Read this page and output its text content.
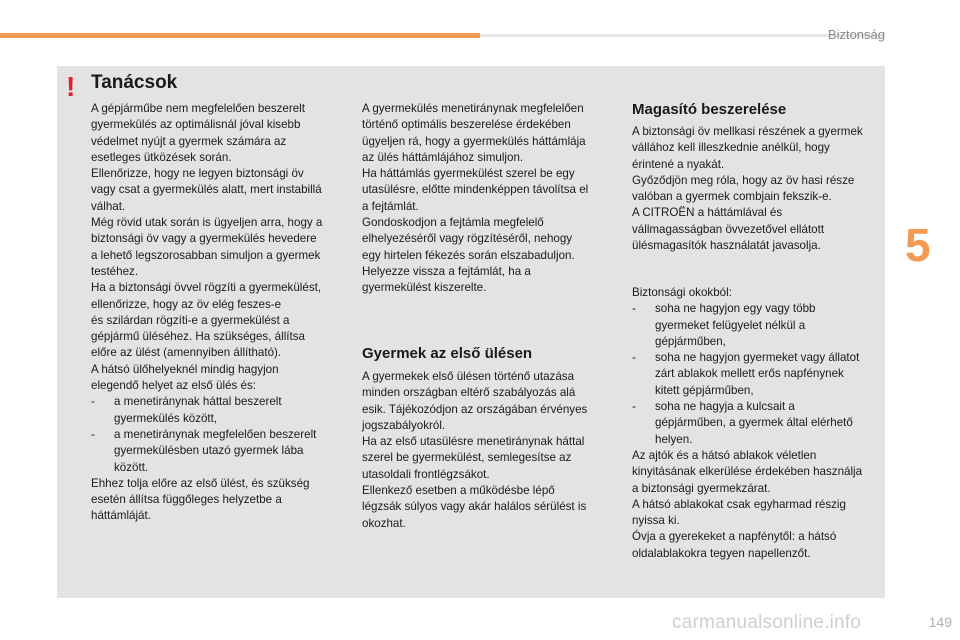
Biztonság
5
! Tanácsok

A gépjárműbe nem megfelelően beszerelt

gyermekülés az optimálisnál jóval kisebb

védelmet nyújt a gyermek számára az

esetleges ütközések során.

Ellenőrizze, hogy ne legyen biztonsági öv

vagy csat a gyermekülés alatt, mert instabillá

válhat.

Még rövid utak során is ügyeljen arra, hogy a

biztonsági öv vagy a gyermekülés hevedere

a lehető legszorosabban simuljon a gyermek

testéhez.

Ha a biztonsági övvel rögzíti a gyermekülést,

ellenőrizze, hogy az öv elég feszes-e

és szilárdan rögzíti-e a gyermekülést a

gépjármű üléséhez. Ha szükséges, állítsa

előre az ülést (amennyiben állítható).

A hátsó ülőhelyeknél mindig hagyjon

elegendő helyet az első ülés és:

- a menetiránynak háttal beszerelt

gyermekülés között,

- a menetiránynak megfelelően beszerelt

gyermekülésben utazó gyermek lába

között.

Ehhez tolja előre az első ülést, és szükség

esetén állítsa függőleges helyzetbe a

háttámláját.

A gyermekülés menetiránynak megfelelően

történő optimális beszerelése érdekében

ügyeljen rá, hogy a gyermekülés háttámlája

az ülés háttámlájához simuljon.

Ha háttámlás gyermekülést szerel be egy

utasülésre, előtte mindenképpen távolítsa el

a fejtámlát.

Gondoskodjon a fejtámla megfelelő

elhelyezéséről vagy rögzítéséről, nehogy

egy hirtelen fékezés során elszabaduljon.

Helyezze vissza a fejtámlát, ha a

gyermekülést kiszerelte.

Gyermek az első ülésen

A gyermekek első ülésen történő utazása

minden országban eltérő szabályozás alá

esik. Tájékozódjon az országában érvényes

jogszabályokról.

Ha az első utasülésre menetiránynak háttal

szerel be gyermekülést, semlegesítse az

utasoldali frontlégzsákot.

Ellenkező esetben a működésbe lépő

légzsák súlyos vagy akár halálos sérülést is

okozhat.

Magasító beszerelése

A biztonsági öv mellkasi részének a gyermek

vállához kell illeszkednie anélkül, hogy

érintené a nyakát.

Győződjön meg róla, hogy az öv hasi része

valóban a gyermek combjain fekszik-e.

A CITROËN a háttámlával és

vállmagasságban övvezetővel ellátott

ülésmagasítók használatát javasolja.

Biztonsági okokból:

- soha ne hagyjon egy vagy több

gyermeket felügyelet nélkül a

gépjárműben,

- soha ne hagyjon gyermeket vagy állatot

zárt ablakok mellett erős napfénynek

kitett gépjárműben,

- soha ne hagyja a kulcsait a

gépjárműben, a gyermek által elérhető

helyen.

Az ajtók és a hátsó ablakok véletlen

kinyitásának elkerülése érdekében használja

a biztonsági gyermekzárat.

A hátsó ablakokat csak egyharmad részig

nyissa ki.

Óvja a gyerekeket a napfénytől: a hátsó

oldalablakokra tegyen napellenzőt.

carmanualsonline.info	149
